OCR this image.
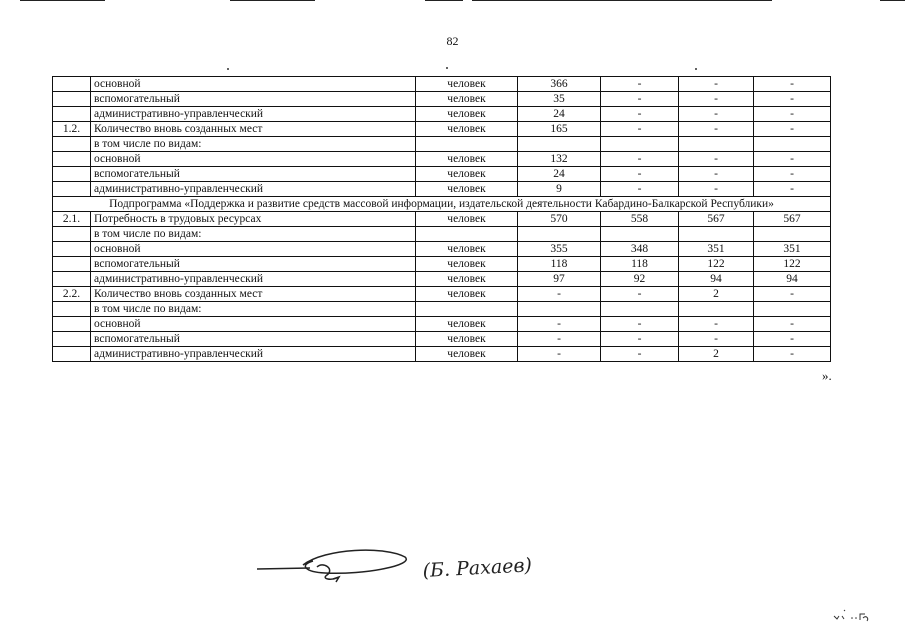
82
	основной	человек	366	-	-	-
	вспомогательный	человек	35	-	-	-
	административно-управленческий	человек	24	-	-	-
1.2.	Количество вновь созданных мест	человек	165	-	-	-
	в том числе по видам:					
	основной	человек	132	-	-	-
	вспомогательный	человек	24	-	-	-
	административно-управленческий	человек	9	-	-	-
Подпрограмма «Поддержка и развитие средств массовой информации, издательской деятельности Кабардино-Балкарской Республики»						
2.1.	Потребность в трудовых ресурсах	человек	570	558	567	567
	в том числе по видам:					
	основной	человек	355	348	351	351
	вспомогательный	человек	118	118	122	122
	административно-управленческий	человек	97	92	94	94
2.2.	Количество вновь созданных мест	человек	-	-	2	-
	в том числе по видам:					
	основной	человек	-	-	-	-
	вспомогательный	человек	-	-	-	-
	административно-управленческий	человек	-	-	2	-
».
(Б. Рахаев)
